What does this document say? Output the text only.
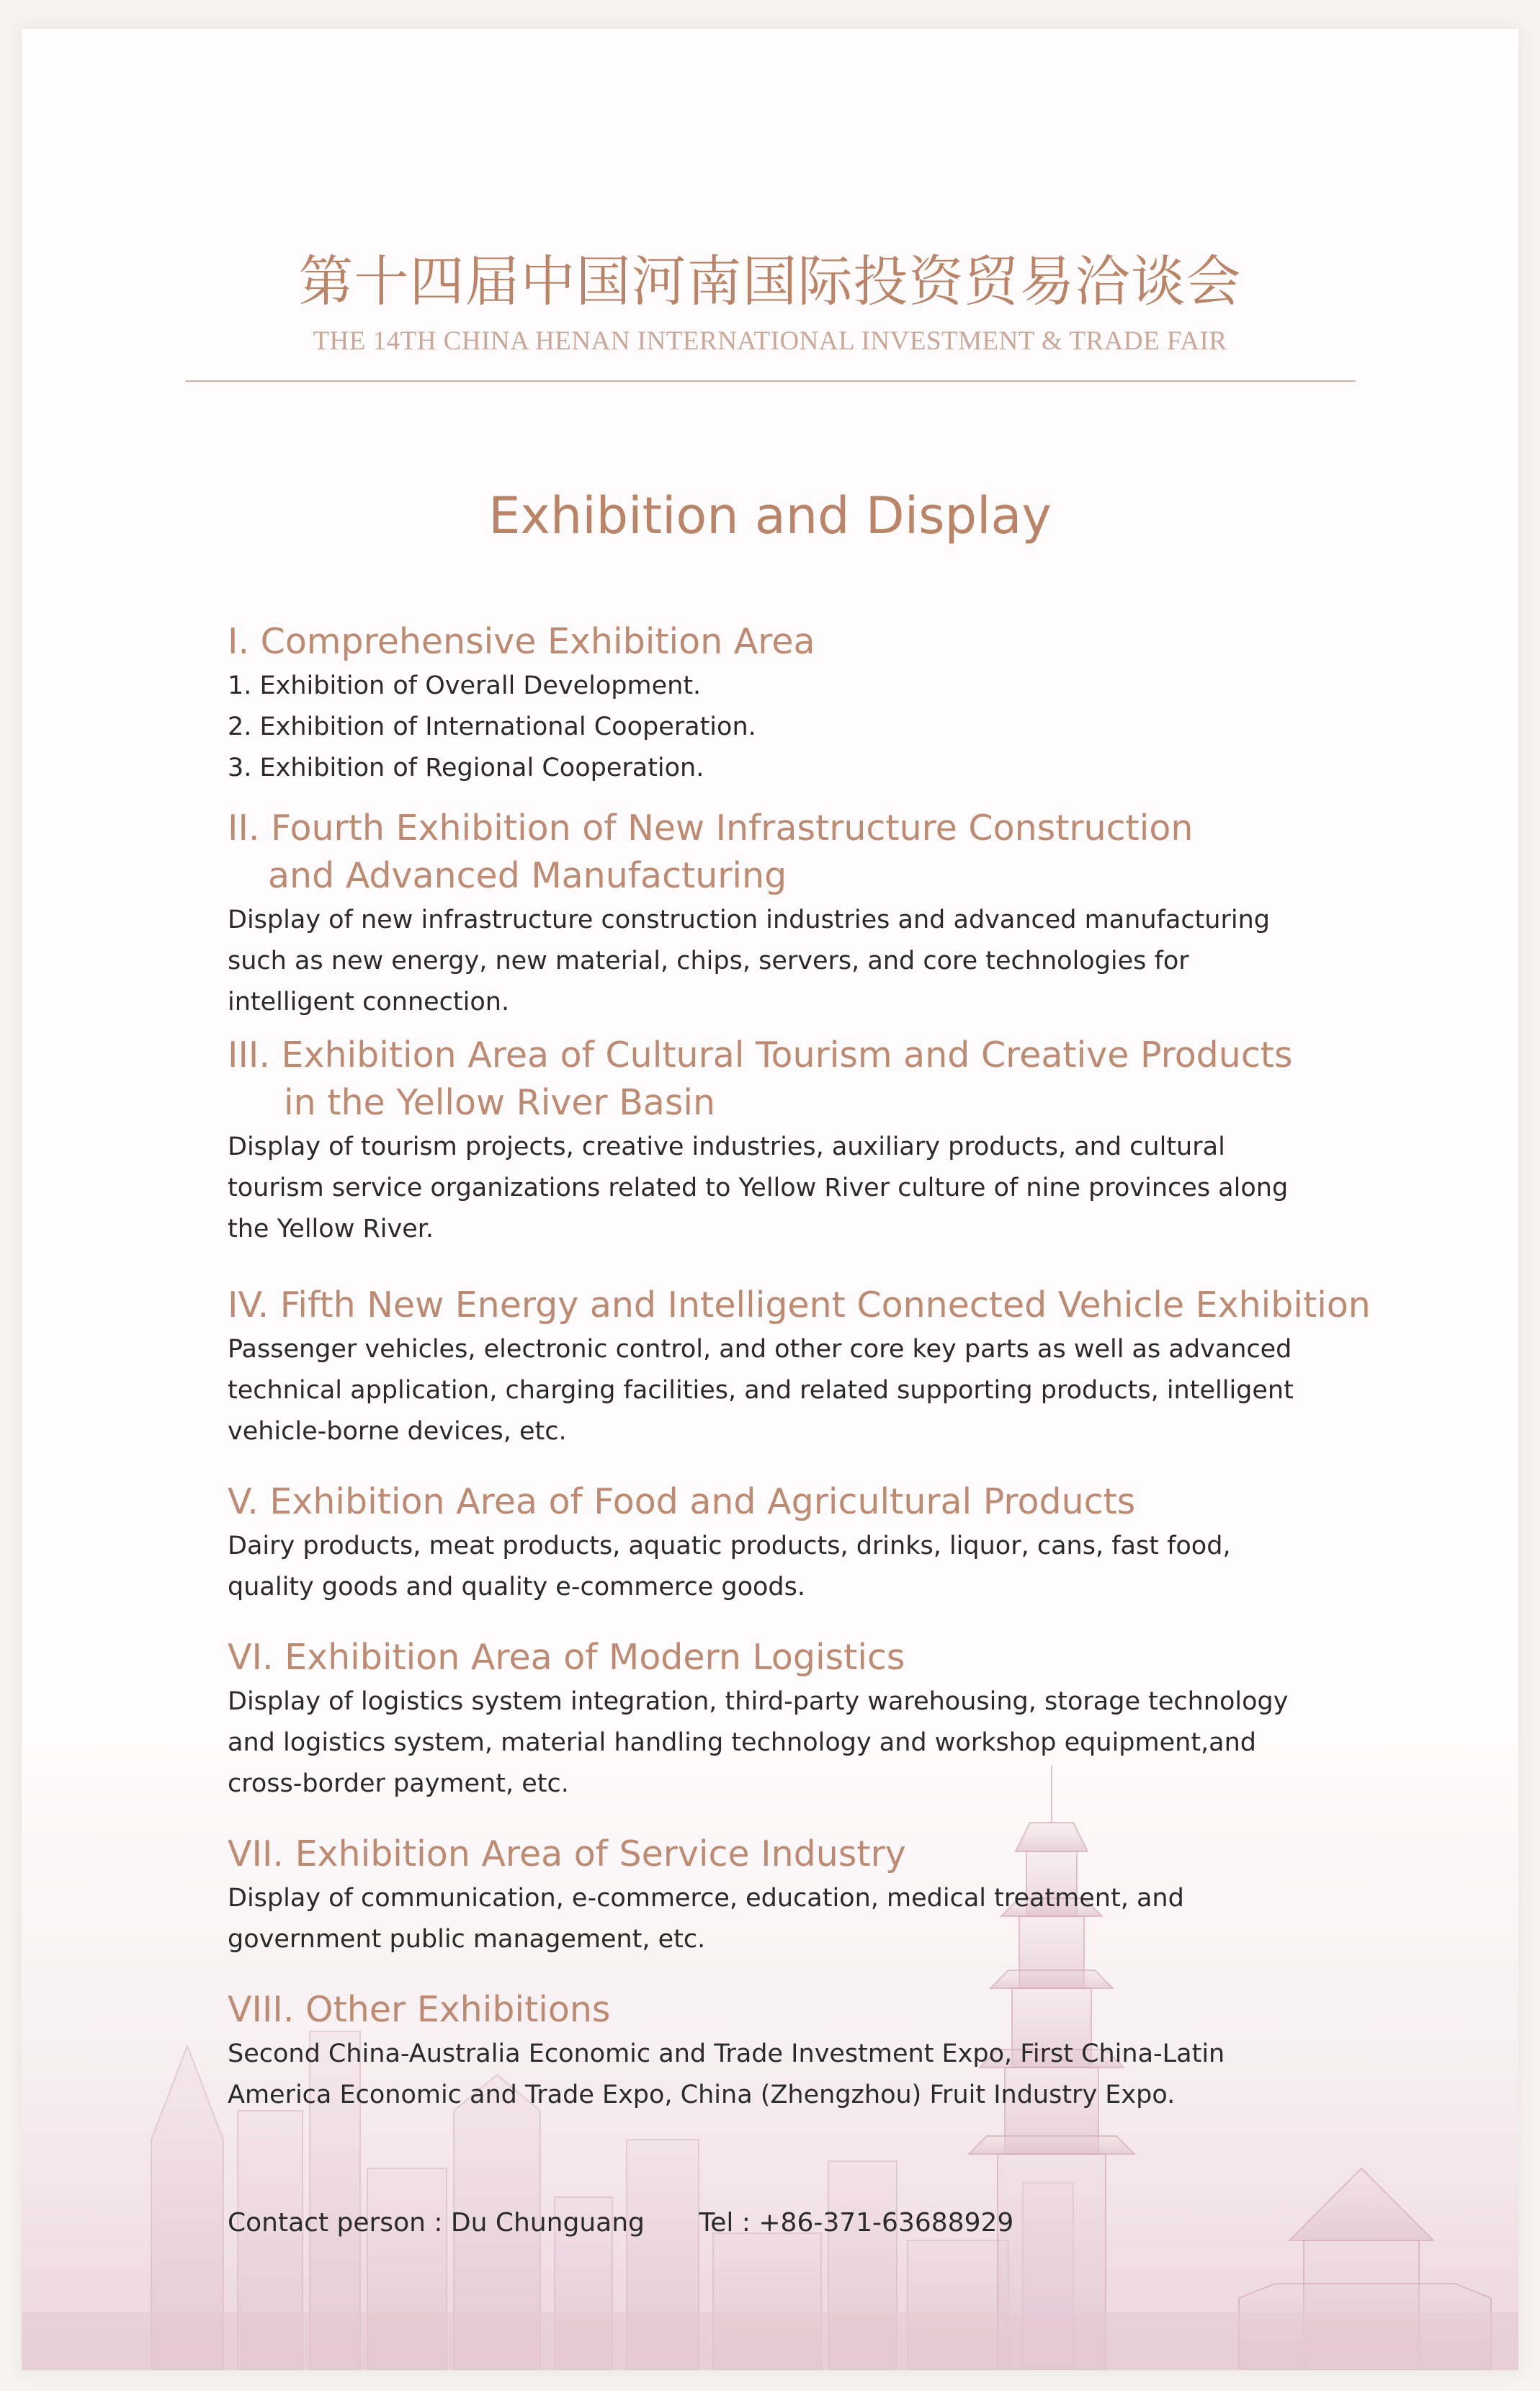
第十四届中国河南国际投资贸易洽谈会
THE 14TH CHINA HENAN INTERNATIONAL INVESTMENT & TRADE FAIR
Exhibition and Display
I. Comprehensive Exhibition Area
1. Exhibition of Overall Development.
2. Exhibition of International Cooperation.
3. Exhibition of Regional Cooperation.
II. Fourth Exhibition of New Infrastructure Construction
and Advanced Manufacturing
Display of new infrastructure construction industries and advanced manufacturing such as new energy, new material, chips, servers, and core technologies for intelligent connection.
III. Exhibition Area of Cultural Tourism and Creative Products
in the Yellow River Basin
Display of tourism projects, creative industries, auxiliary products, and cultural tourism service organizations related to Yellow River culture of nine provinces along the Yellow River.
IV. Fifth New Energy and Intelligent Connected Vehicle Exhibition
Passenger vehicles, electronic control, and other core key parts as well as advanced technical application, charging facilities, and related supporting products, intelligent vehicle-borne devices, etc.
V. Exhibition Area of Food and Agricultural Products
Dairy products, meat products, aquatic products, drinks, liquor, cans, fast food, quality goods and quality e-commerce goods.
VI. Exhibition Area of Modern Logistics
Display of logistics system integration, third-party warehousing, storage technology and logistics system, material handling technology and workshop equipment,and cross-border payment, etc.
VII. Exhibition Area of Service Industry
Display of communication, e-commerce, education, medical treatment, and government public management, etc.
VIII. Other Exhibitions
Second China-Australia Economic and Trade Investment Expo, First China-Latin America Economic and Trade Expo, China (Zhengzhou) Fruit Industry Expo.
Contact person : Du Chunguang Tel : +86-371-63688929
